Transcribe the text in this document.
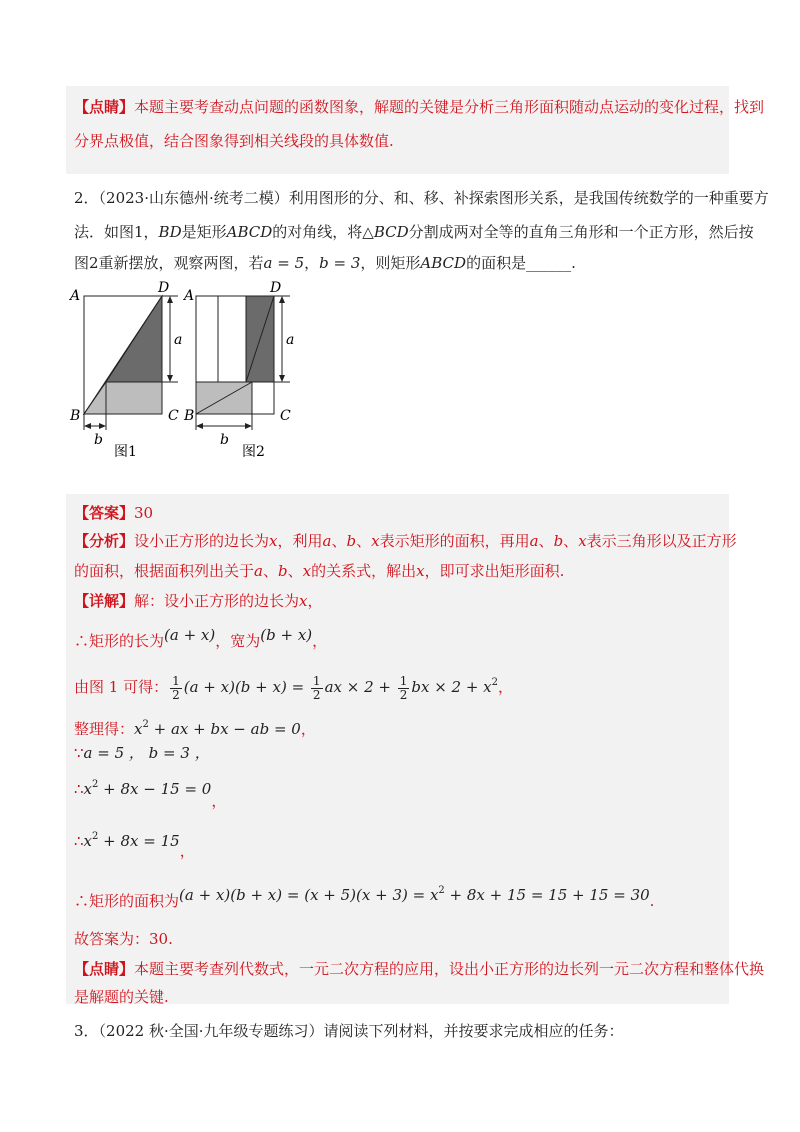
【点睛】本题主要考查动点问题的函数图象，解题的关键是分析三角形面积随动点运动的变化过程，找到
分界点极值，结合图象得到相关线段的具体数值.
2．（2023·山东德州·统考二模）利用图形的分、和、移、补探索图形关系，是我国传统数学的一种重要方
法．如图1，BD是矩形ABCD的对角线，将△BCD分割成两对全等的直角三角形和一个正方形，然后按
图2重新摆放，观察两图，若a = 5，b = 3，则矩形ABCD的面积是______.
A	D
B	C
a
b
图1
A	D
B	C
a
b
图2
【答案】30
【分析】设小正方形的边长为x，利用a、b、x表示矩形的面积，再用a、b、x表示三角形以及正方形
的面积，根据面积列出关于a、b、x的关系式，解出x，即可求出矩形面积.
【详解】解：设小正方形的边长为x，
∴矩形的长为(a + x)，宽为(b + x)，
由图 1 可得： $\frac{1}{2} (a + x)(b + x) = \frac{1}{2}$ ax × $2 + \frac{1}{2}$ bx × $2 + x^2$，
整理得：$x^2$ + ax + bx − ab = 0，
∵a = 5 ， b = 3 ，
$\therefore x^2 + 8x - 15 = 0$，
$\therefore x^2 + 8x = 15$，
∴矩形的面积为$(a + x)(b + x) = (x + 5)(x + 3) = x^2 + 8x + 15 = 15 + 15 = 30$.
故答案为：30.
【点睛】本题主要考查列代数式，一元二次方程的应用，设出小正方形的边长列一元二次方程和整体代换
是解题的关键.
3．（2022 秋·全国·九年级专题练习）请阅读下列材料，并按要求完成相应的任务：
